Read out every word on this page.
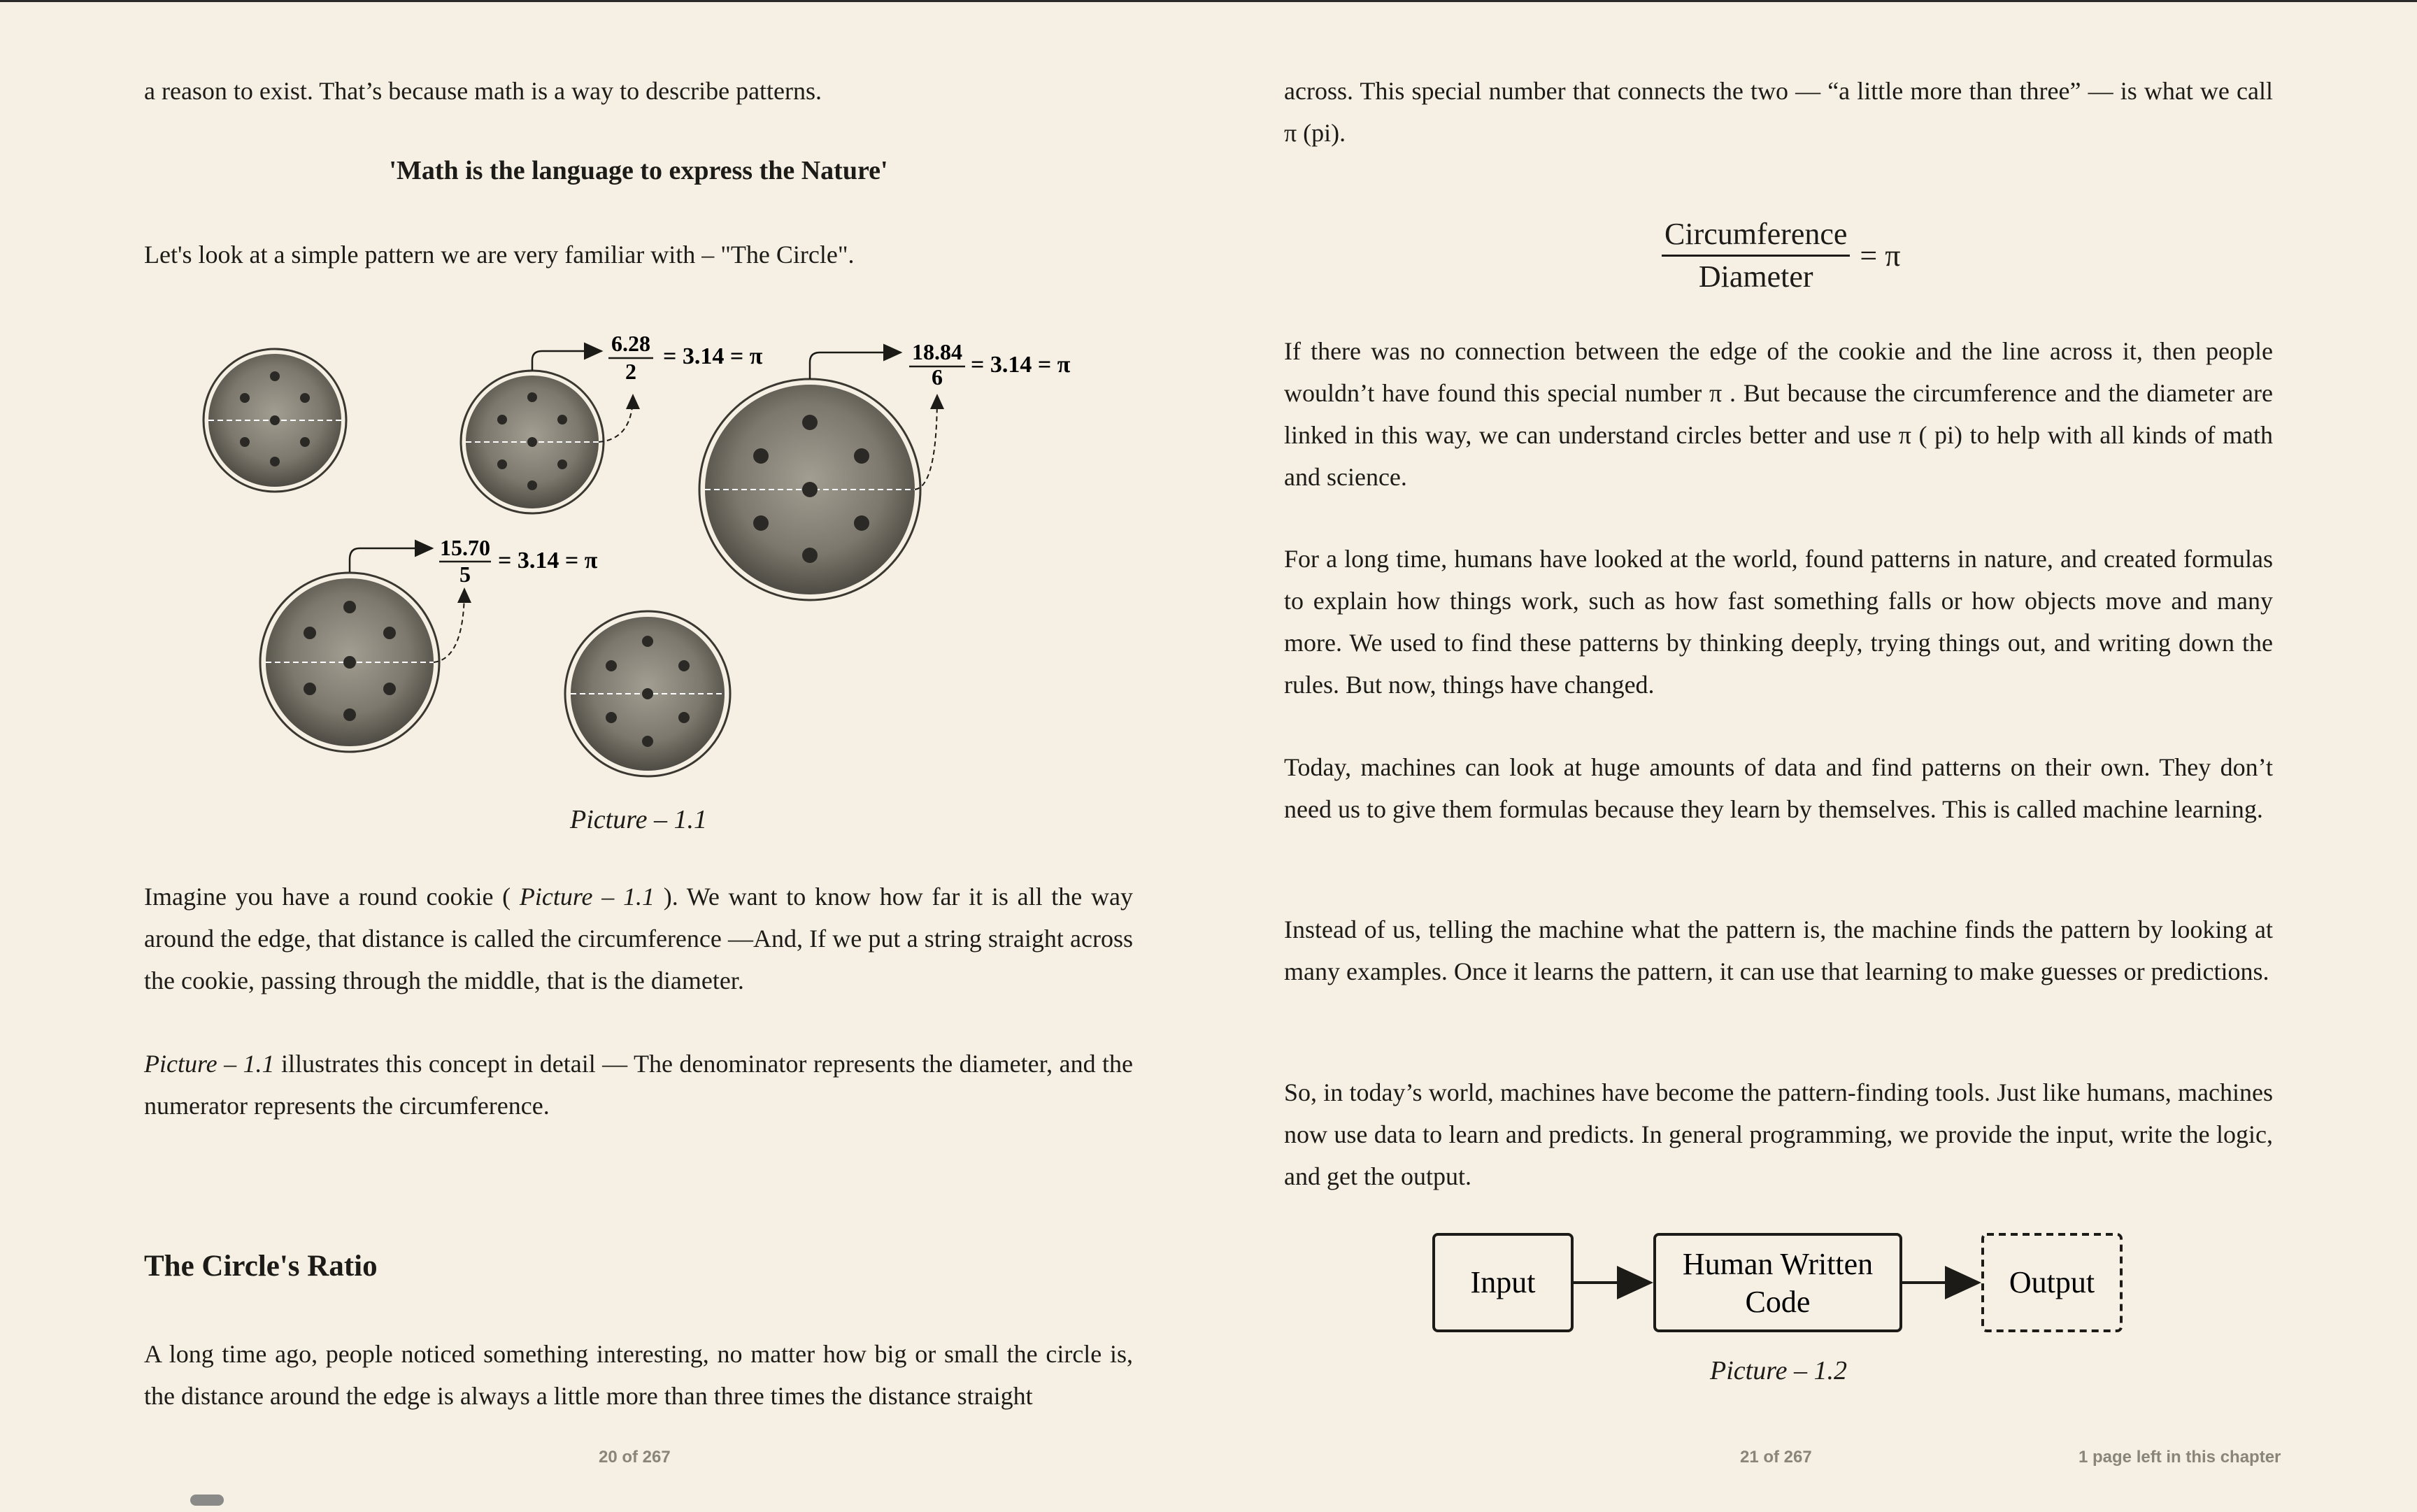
a reason to exist. That’s because math is a way to describe patterns.

'Math is the language to express the Nature'

Let's look at a simple pattern we are very familiar with – "The Circle".

6.28
2
= 3.14 = π	18.84
6 = 3.14 = π
15.70
5
= 3.14 = π
Picture – 1.1

Imagine you have a round cookie ( Picture – 1.1 ). We want to know how far it is all the way around the edge, that distance is called the circumference —And, If we put a string straight across the cookie, passing through the middle, that is the diameter.

Picture – 1.1 illustrates this concept in detail — The denominator represents the diameter, and the numerator represents the circumference.

The Circle's Ratio

A long time ago, people noticed something interesting, no matter how big or small the circle is, the distance around the edge is always a little more than three times the distance straight

20 of 267

across. This special number that connects the two — “a little more than three” — is what we call π (pi).

Circumference
Diameter
= π

If there was no connection between the edge of the cookie and the line across it, then people wouldn’t have found this special number π . But because the circumference and the diameter are linked in this way, we can understand circles better and use π ( pi) to help with all kinds of math and science.

For a long time, humans have looked at the world, found patterns in nature, and created formulas to explain how things work, such as how fast something falls or how objects move and many more. We used to find these patterns by thinking deeply, trying things out, and writing down the rules. But now, things have changed.

Today, machines can look at huge amounts of data and find patterns on their own. They don’t need us to give them formulas because they learn by themselves. This is called machine learning.

Instead of us, telling the machine what the pattern is, the machine finds the pattern by looking at many examples. Once it learns the pattern, it can use that learning to make guesses or predictions.

So, in today’s world, machines have become the pattern-finding tools. Just like humans, machines now use data to learn and predicts. In general programming, we provide the input, write the logic, and get the output.

Input
Human Written
Code
Output
Picture – 1.2
21 of 267	1 page left in this chapter
